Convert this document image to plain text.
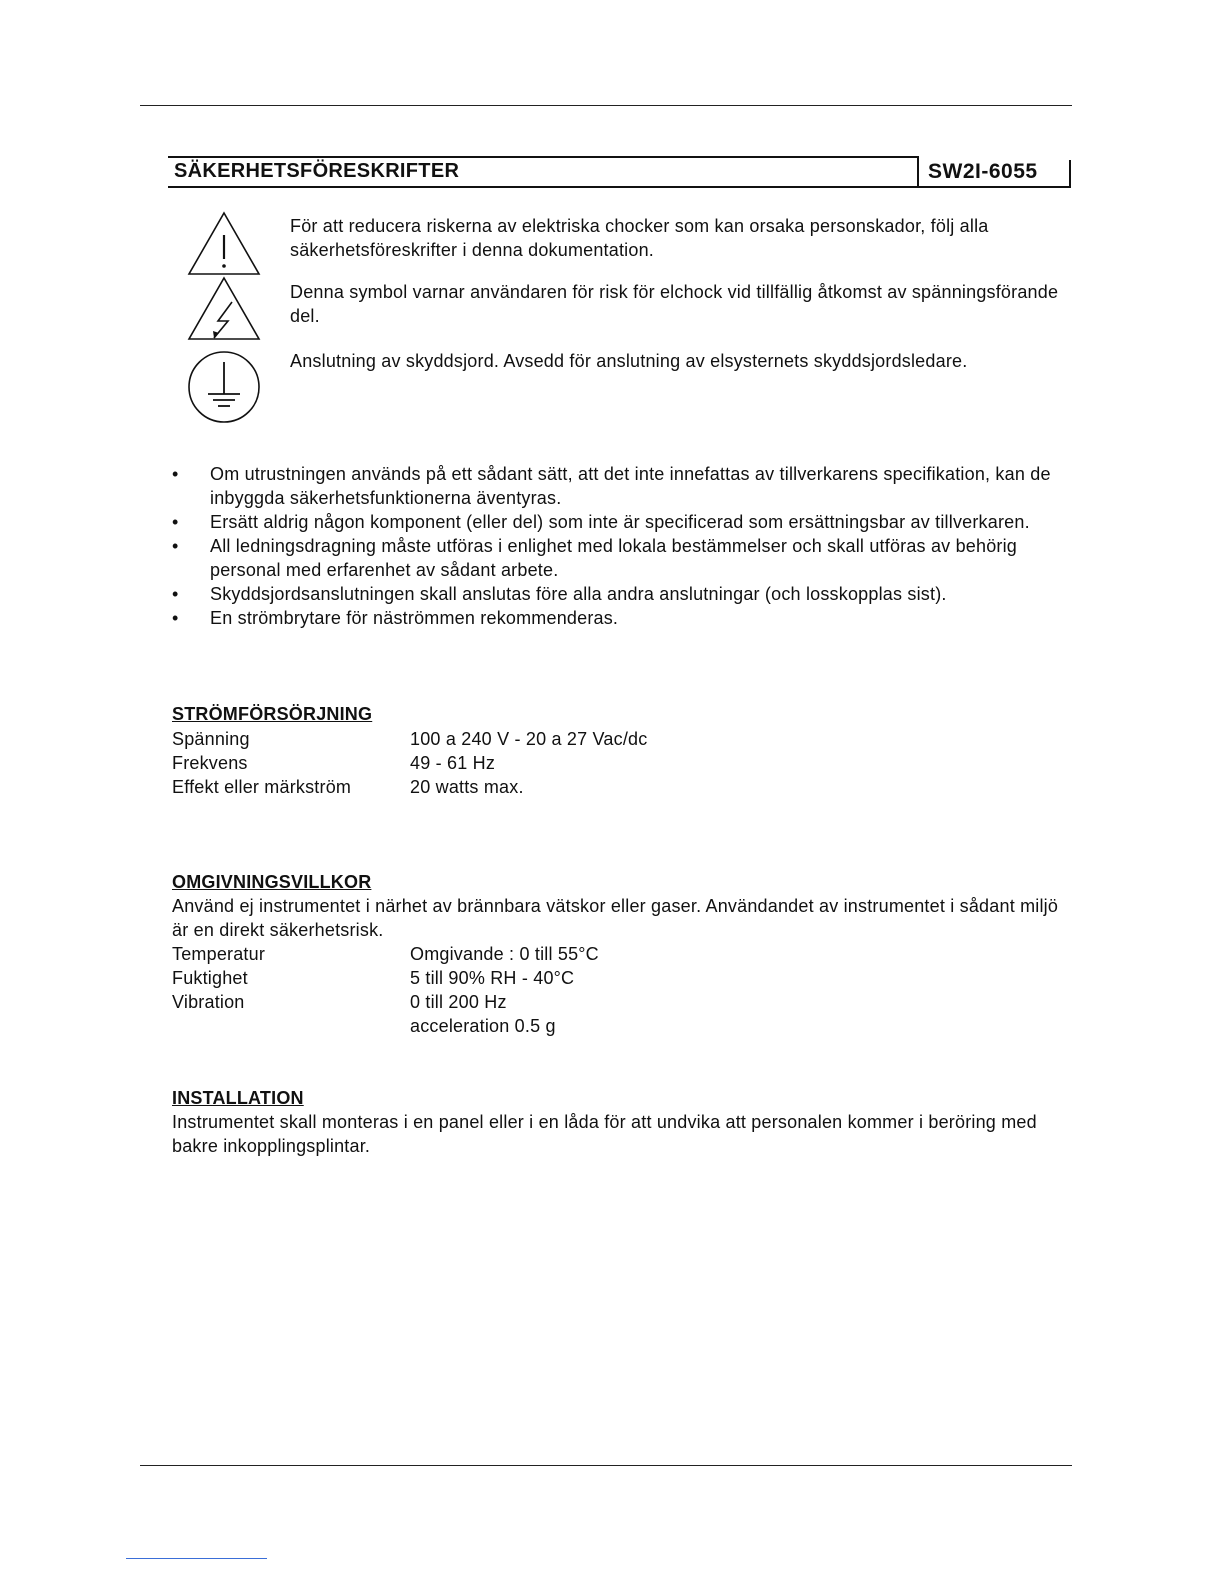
SÄKERHETSFÖRESKRIFTER	SW2I-6055
För att reducera riskerna av elektriska chocker som kan orsaka personskador, följ alla säkerhetsföreskrifter i denna dokumentation.
Denna symbol varnar användaren för risk för elchock vid tillfällig åtkomst av spänningsförande del.
Anslutning av skyddsjord. Avsedd för anslutning av elsysternets skyddsjordsledare.
• Om utrustningen används på ett sådant sätt, att det inte innefattas av tillverkarens specifikation, kan de inbyggda säkerhetsfunktionerna äventyras.
• Ersätt aldrig någon komponent (eller del) som inte är specificerad som ersättningsbar av tillverkaren.
• All ledningsdragning måste utföras i enlighet med lokala bestämmelser och skall utföras av behörig personal med erfarenhet av sådant arbete.
• Skyddsjordsanslutningen skall anslutas före alla andra anslutningar (och losskopplas sist).
• En strömbrytare för näströmmen rekommenderas.
STRÖMFÖRSÖRJNING
Spänning	100 a 240 V - 20 a 27 Vac/dc
Frekvens	49 - 61 Hz
Effekt eller märkström	20 watts max.
OMGIVNINGSVILLKOR
Använd ej instrumentet i närhet av brännbara vätskor eller gaser. Användandet av instrumentet i sådant miljö är en direkt säkerhetsrisk.
Temperatur	Omgivande : 0 till 55°C
Fuktighet	5 till 90% RH - 40°C
Vibration	0 till 200 Hz
acceleration 0.5 g
INSTALLATION
Instrumentet skall monteras i en panel eller i en låda för att undvika att personalen kommer i beröring med bakre inkopplingsplintar.
